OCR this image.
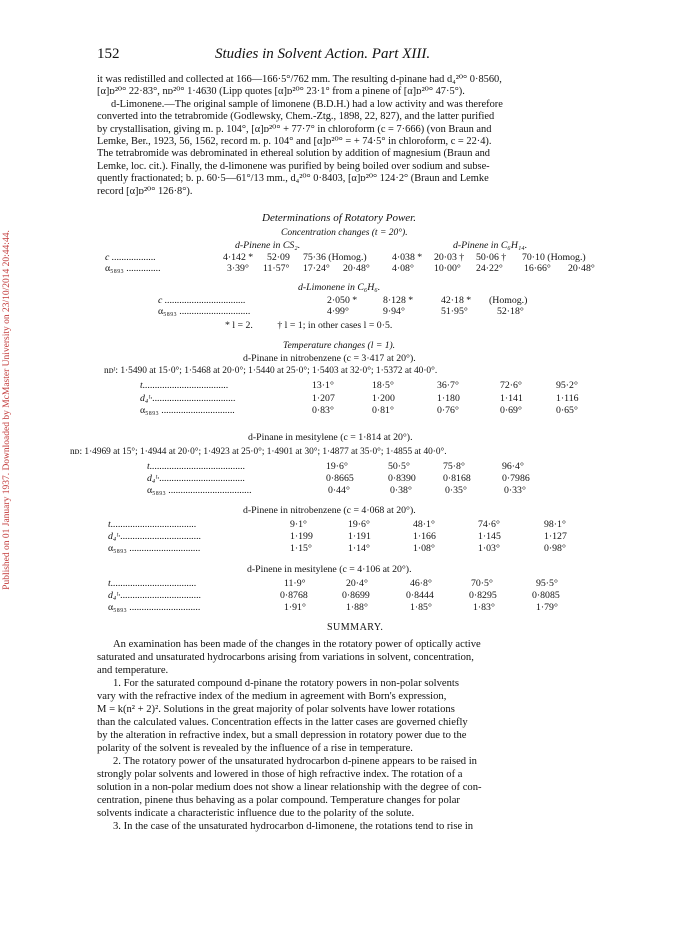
Published on 01 January 1937. Downloaded by McMaster University on 23/10/2014 20:44:44.
152	Studies in Solvent Action. Part XIII.
it was redistilled and collected at 166—166·5°/762 mm. The resulting d-pinane had d₄²⁰° 0·8560,
[α]ᴅ²⁰° 22·83°, nᴅ²⁰° 1·4630 (Lipp quotes [α]ᴅ²⁰° 23·1° from a pinene of [α]ᴅ²⁰° 47·5°).
d-Limonene.—The original sample of limonene (B.D.H.) had a low activity and was therefore
converted into the tetrabromide (Godlewsky, Chem.-Ztg., 1898, 22, 827), and the latter purified
by crystallisation, giving m. p. 104°, [α]ᴅ²⁰° + 77·7° in chloroform (c = 7·666) (von Braun and
Lemke, Ber., 1923, 56, 1562, record m. p. 104° and [α]ᴅ²⁰° = + 74·5° in chloroform, c = 22·4).
The tetrabromide was debrominated in ethereal solution by addition of magnesium (Braun and
Lemke, loc. cit.). Finally, the d-limonene was purified by being boiled over sodium and subse-
quently fractionated; b. p. 60·5—61°/13 mm., d₄²⁰° 0·8403, [α]ᴅ²⁰° 124·2° (Braun and Lemke
record [α]ᴅ²⁰° 126·8°).
Determinations of Rotatory Power.
Concentration changes (t = 20°).
d-Pinene in CS₂.	d-Pinene in C₆H₁₄.
c ..................	4·142 * 52·09 75·36 (Homog.)	4·038 * 20·03 † 50·06 † 70·10 (Homog.)
α₅₈₉₃ ..............	3·39° 11·57° 17·24° 20·48° 4·08° 10·00° 24·22° 16·66° 20·48°
d-Limonene in C₆H₆.
c .................................	2·050 *	8·128 *	42·18 * (Homog.)
α₅₈₉₃ .............................	4·99°	9·94°	51·95°	52·18°
* l = 2.          † l = 1; in other cases l = 0·5.
Temperature changes (l = 1).
d-Pinane in nitrobenzene (c = 3·417 at 20°).
nᴅᵗ: 1·5490 at 15·0°; 1·5468 at 20·0°; 1·5440 at 25·0°; 1·5403 at 32·0°; 1·5372 at 40·0°.
t...................................	13·1°	18·5°	36·7°	72·6°	95·2°
d₄ᵗ·..................................	1·207	1·200	1·180	1·141	1·116
α₅₈₉₃ ..............................	0·83°	0·81°	0·76°	0·69°	0·65°
d-Pinane in mesitylene (c = 1·814 at 20°).
nᴅ: 1·4969 at 15°; 1·4944 at 20·0°; 1·4923 at 25·0°; 1·4901 at 30°; 1·4877 at 35·0°; 1·4855 at 40·0°.
t.......................................	19·6°	50·5°	75·8°	96·4°
d₄ᵗ·...................................	0·8665	0·8390	0·8168	0·7986
α₅₈₉₃ ..................................	0·44°	0·38°	0·35°	0·33°
d-Pinene in nitrobenzene (c = 4·068 at 20°).
t...................................	9·1°	19·6°	48·1°	74·6°	98·1°
d₄ᵗ·.................................	1·199	1·191	1·166	1·145	1·127
α₅₈₉₃ .............................	1·15°	1·14°	1·08°	1·03°	0·98°
d-Pinene in mesitylene (c = 4·106 at 20°).
t...................................	11·9°	20·4°	46·8°	70·5°	95·5°
d₄ᵗ·.................................	0·8768	0·8699	0·8444	0·8295	0·8085
α₅₈₉₃ .............................	1·91°	1·88°	1·85°	1·83°	1·79°
SUMMARY.
An examination has been made of the changes in the rotatory power of optically active
saturated and unsaturated hydrocarbons arising from variations in solvent, concentration,
and temperature.
1. For the saturated compound d-pinane the rotatory powers in non-polar solvents
vary with the refractive index of the medium in agreement with Born's expression,
M = k(n² + 2)². Solutions in the great majority of polar solvents have lower rotations
than the calculated values. Concentration effects in the latter cases are governed chiefly
by the alteration in refractive index, but a small depression in rotatory power due to the
polarity of the solvent is revealed by the influence of a rise in temperature.
2. The rotatory power of the unsaturated hydrocarbon d-pinene appears to be raised in
strongly polar solvents and lowered in those of high refractive index. The rotation of a
solution in a non-polar medium does not show a linear relationship with the degree of con-
centration, pinene thus behaving as a polar compound. Temperature changes for polar
solvents indicate a characteristic influence due to the polarity of the solute.
3. In the case of the unsaturated hydrocarbon d-limonene, the rotations tend to rise in
